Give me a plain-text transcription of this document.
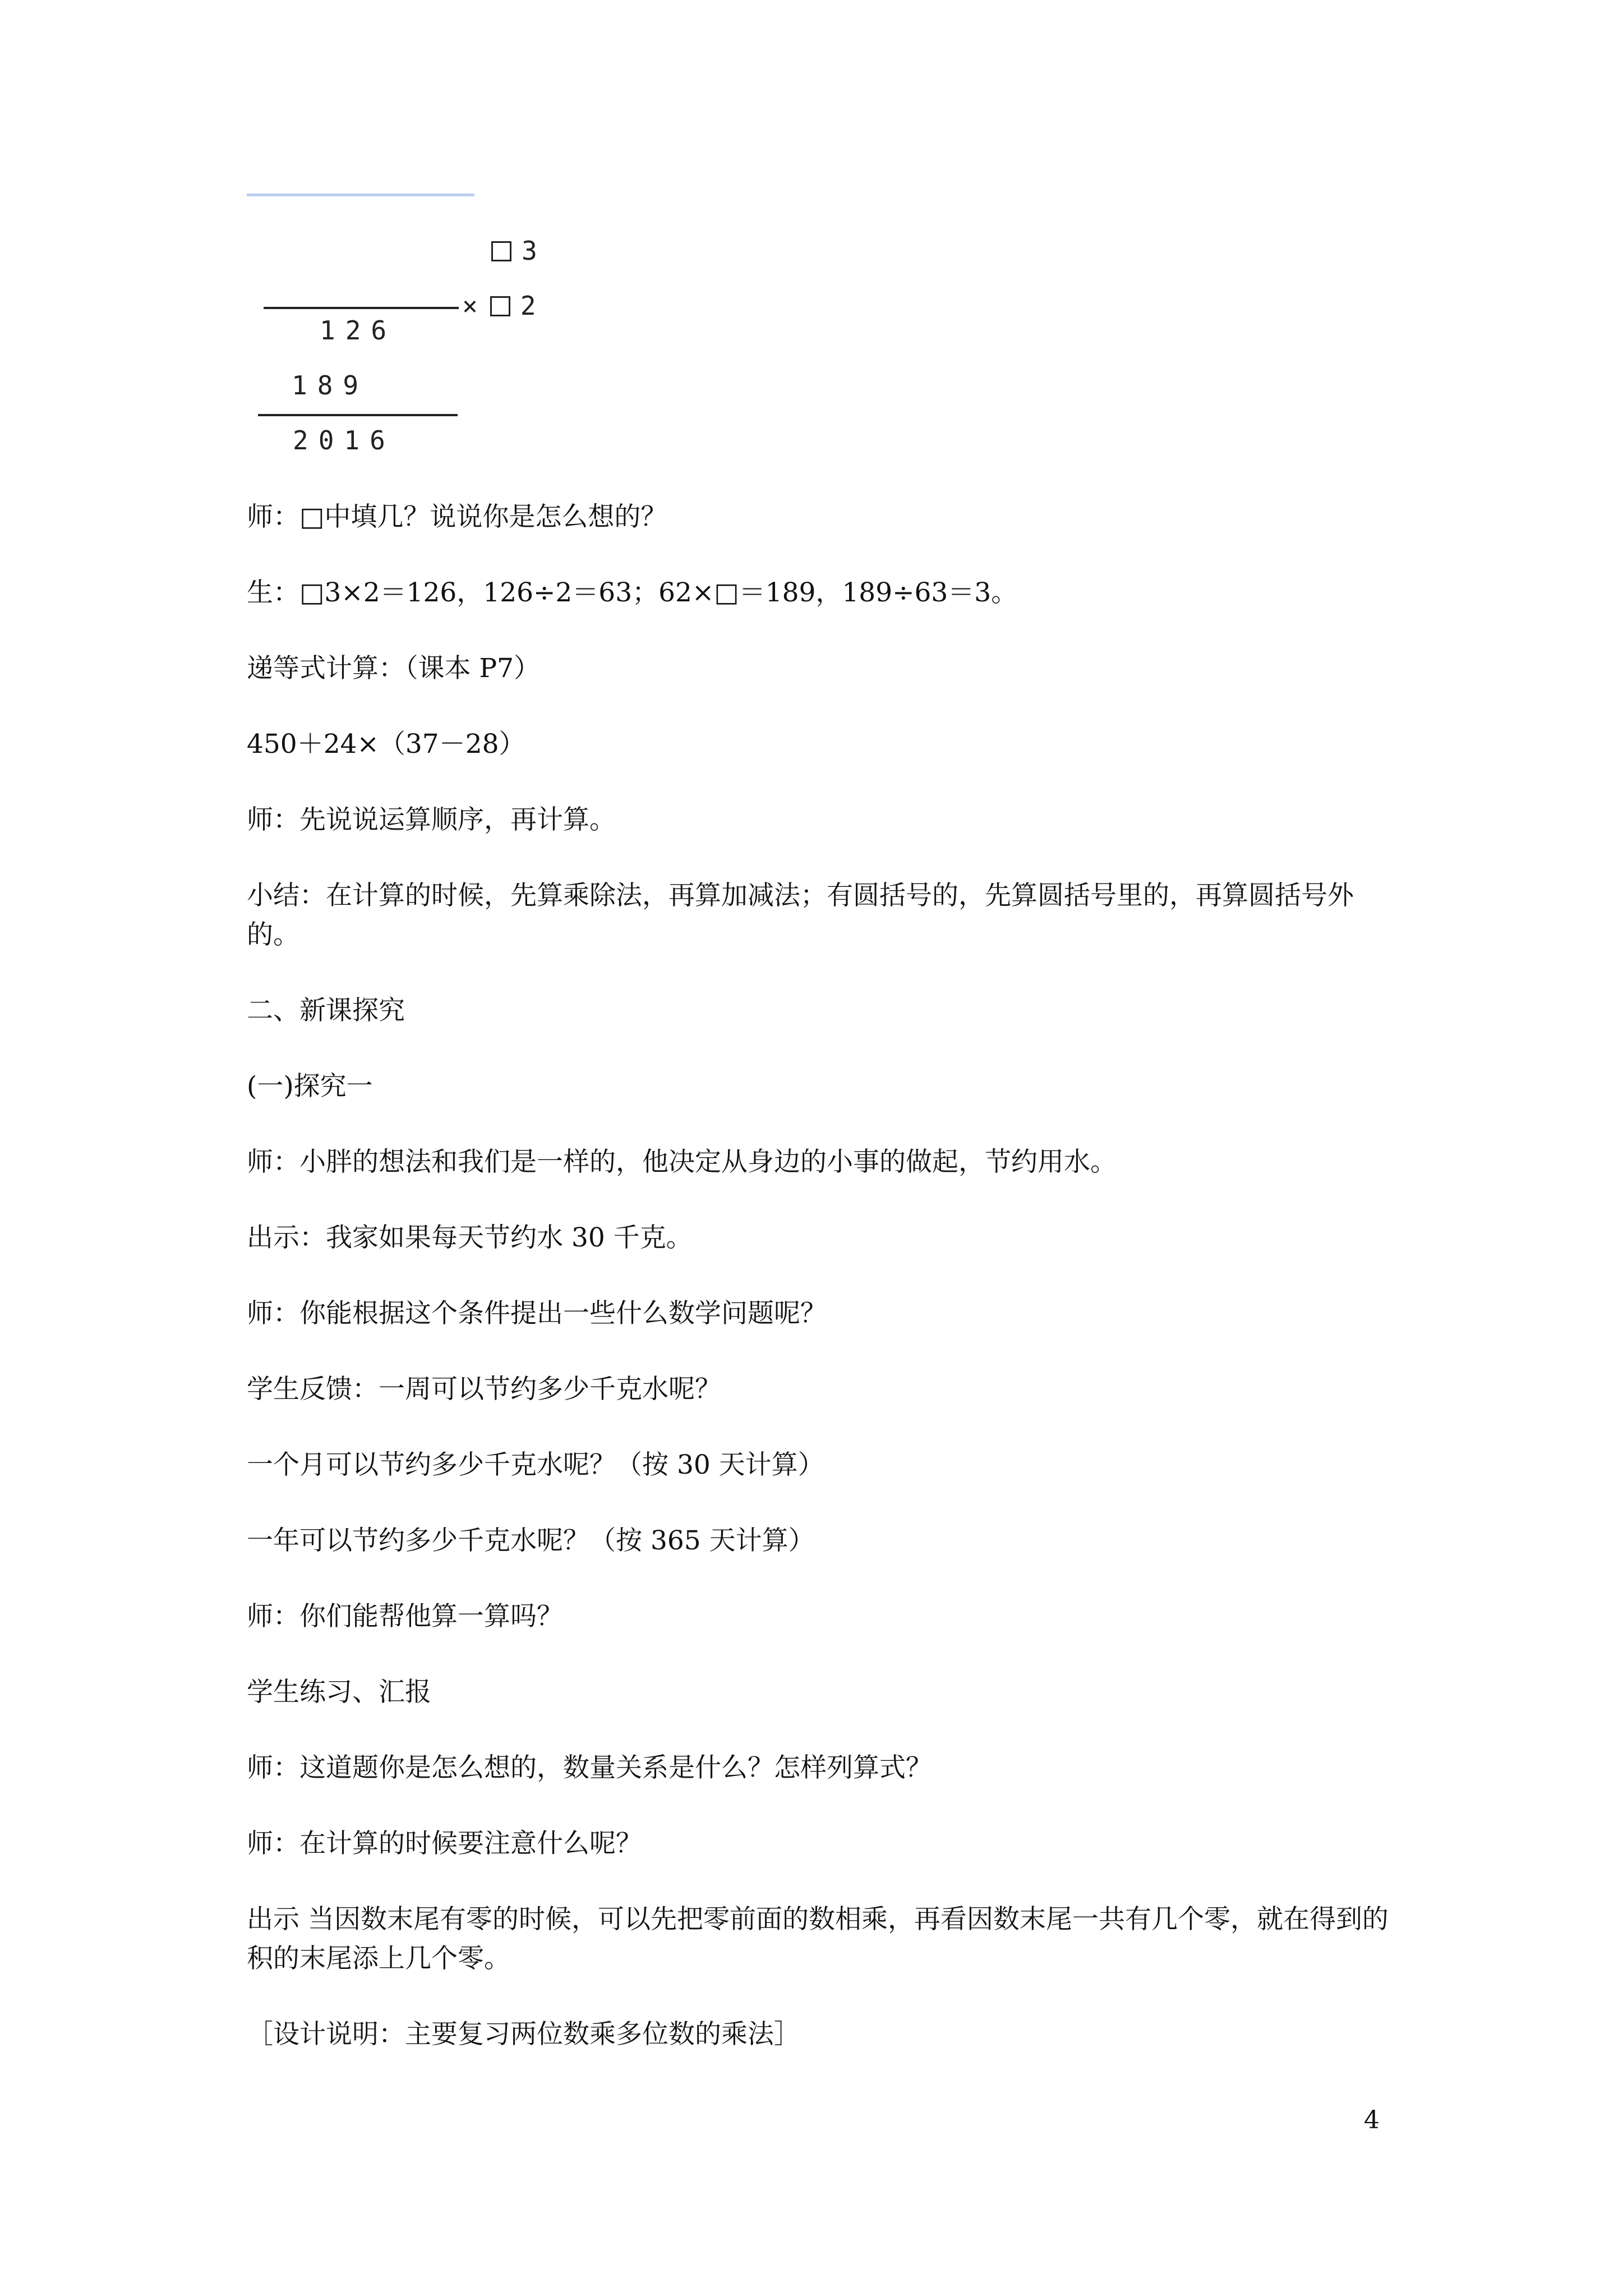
3

× 2

126
189
2016
师：□中填几？说说你是怎么想的？
生：□3×2＝126，126÷2＝63；62×□＝189，189÷63＝3。
递等式计算：（课本 P7）
450＋24×（37－28）
师：先说说运算顺序，再计算。
小结：在计算的时候，先算乘除法，再算加减法；有圆括号的，先算圆括号里的，再算圆括号外的。
二、新课探究
(一)探究一
师：小胖的想法和我们是一样的，他决定从身边的小事的做起，节约用水。
出示：我家如果每天节约水 30 千克。
师：你能根据这个条件提出一些什么数学问题呢？
学生反馈：一周可以节约多少千克水呢？
一个月可以节约多少千克水呢？（按 30 天计算）
一年可以节约多少千克水呢？（按 365 天计算）
师：你们能帮他算一算吗？
学生练习、汇报
师：这道题你是怎么想的，数量关系是什么？怎样列算式？
师：在计算的时候要注意什么呢？
出示 当因数末尾有零的时候，可以先把零前面的数相乘，再看因数末尾一共有几个零，就在得到的积的末尾添上几个零。
［设计说明：主要复习两位数乘多位数的乘法］
4
